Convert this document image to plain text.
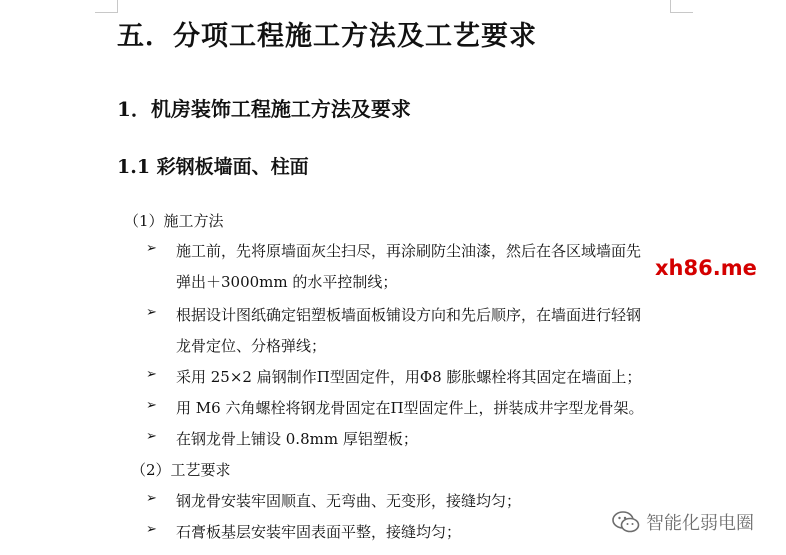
五．分项工程施工方法及工艺要求
1．机房装饰工程施工方法及要求
1.1 彩钢板墙面、柱面
（1）施工方法
➢ 施工前，先将原墙面灰尘扫尽，再涂刷防尘油漆，然后在各区域墙面先
弹出＋3000mm 的水平控制线；
➢ 根据设计图纸确定铝塑板墙面板铺设方向和先后顺序，在墙面进行轻钢
龙骨定位、分格弹线；
➢ 采用 25×2 扁钢制作Π型固定件，用Φ8 膨胀螺栓将其固定在墙面上；
➢ 用 M6 六角螺栓将钢龙骨固定在Π型固定件上，拼装成井字型龙骨架。
➢ 在钢龙骨上铺设 0.8mm 厚铝塑板；
（2）工艺要求
➢ 钢龙骨安装牢固顺直、无弯曲、无变形，接缝均匀；
➢ 石膏板基层安装牢固表面平整，接缝均匀；
xh86.me
智能化弱电圈
